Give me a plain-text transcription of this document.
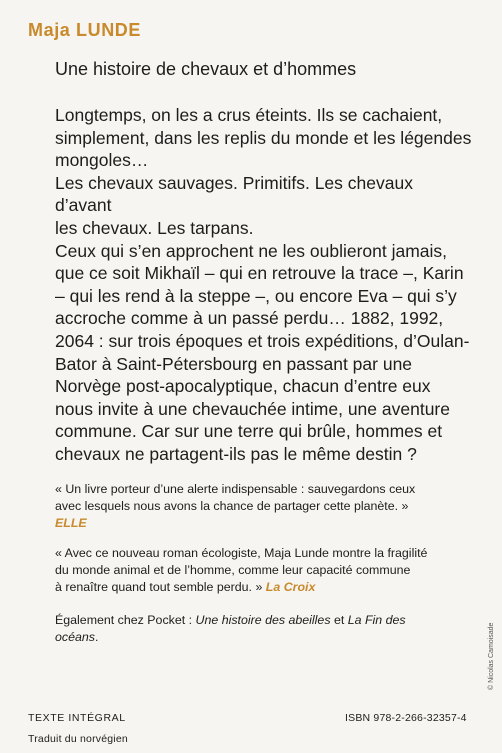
Maja LUNDE
Une histoire de chevaux et d’hommes

Longtemps, on les a crus éteints. Ils se cachaient,

simplement, dans les replis du monde et les légendes

mongoles…

Les chevaux sauvages. Primitifs. Les chevaux d’avant

les chevaux. Les tarpans.

Ceux qui s’en approchent ne les oublieront jamais,

que ce soit Mikhaïl – qui en retrouve la trace –, Karin

– qui les rend à la steppe –, ou encore Eva – qui s’y

accroche comme à un passé perdu… 1882, 1992,

2064 : sur trois époques et trois expéditions, d’Oulan-

Bator à Saint-Pétersbourg en passant par une

Norvège post-apocalyptique, chacun d’entre eux

nous invite à une chevauchée intime, une aventure

commune. Car sur une terre qui brûle, hommes et

chevaux ne partagent-ils pas le même destin ?

« Un livre porteur d’une alerte indispensable : sauvegardons ceux

avec lesquels nous avons la chance de partager cette planète. »

ELLE

« Avec ce nouveau roman écologiste, Maja Lunde montre la fragilité

du monde animal et de l’homme, comme leur capacité commune

à renaître quand tout semble perdu. » La Croix

Également chez Pocket : Une histoire des abeilles et La Fin des
océans.
TEXTE INTÉGRAL
Traduit du norvégien
ISBN 978-2-266-32357-4
© Nicolas Camoisade
